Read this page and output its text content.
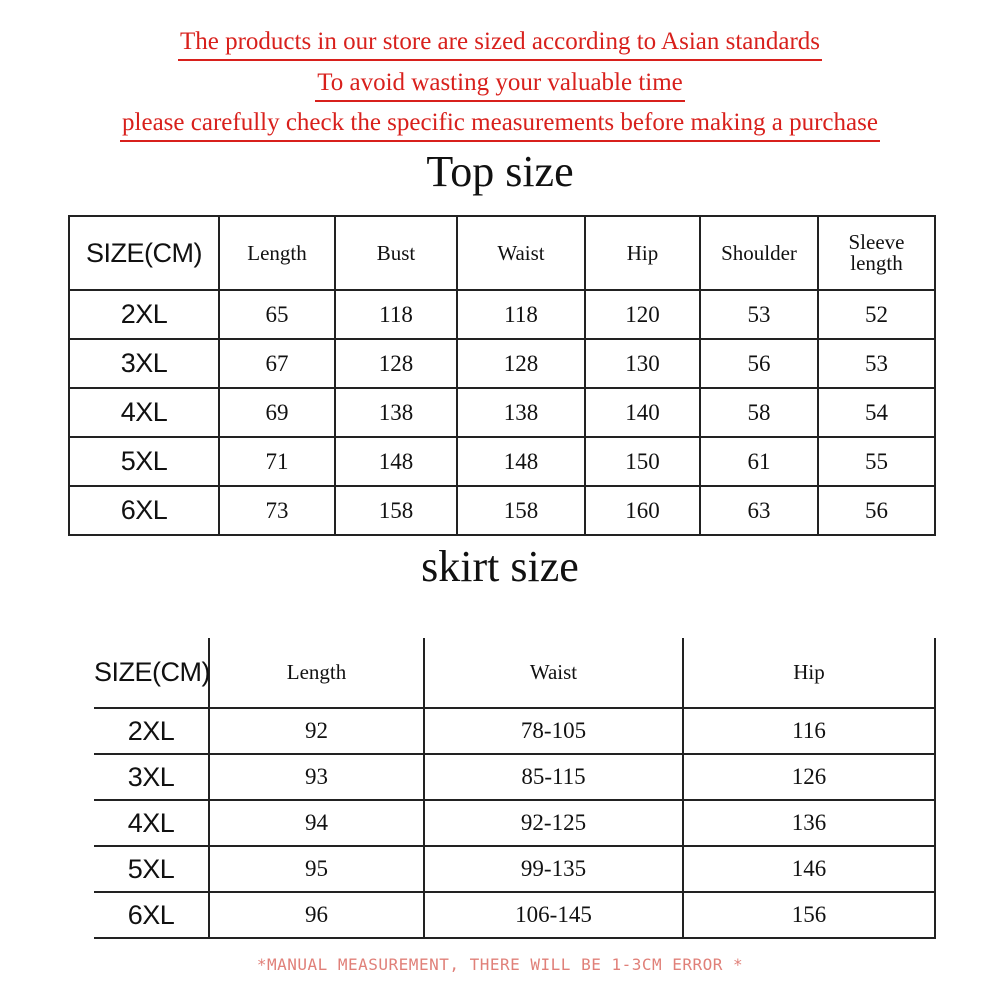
The products in our store are sized according to Asian standards
To avoid wasting your valuable time
please carefully check the specific measurements before making a purchase
Top size
SIZE(CM)	Length	Bust	Waist	Hip	Shoulder	Sleeve length
2XL	65	118	118	120	53	52
3XL	67	128	128	130	56	53
4XL	69	138	138	140	58	54
5XL	71	148	148	150	61	55
6XL	73	158	158	160	63	56
skirt size
SIZE(CM)	Length	Waist	Hip
2XL	92	78-105	116
3XL	93	85-115	126
4XL	94	92-125	136
5XL	95	99-135	146
6XL	96	106-145	156
*MANUAL MEASUREMENT, THERE WILL BE 1-3CM ERROR *
